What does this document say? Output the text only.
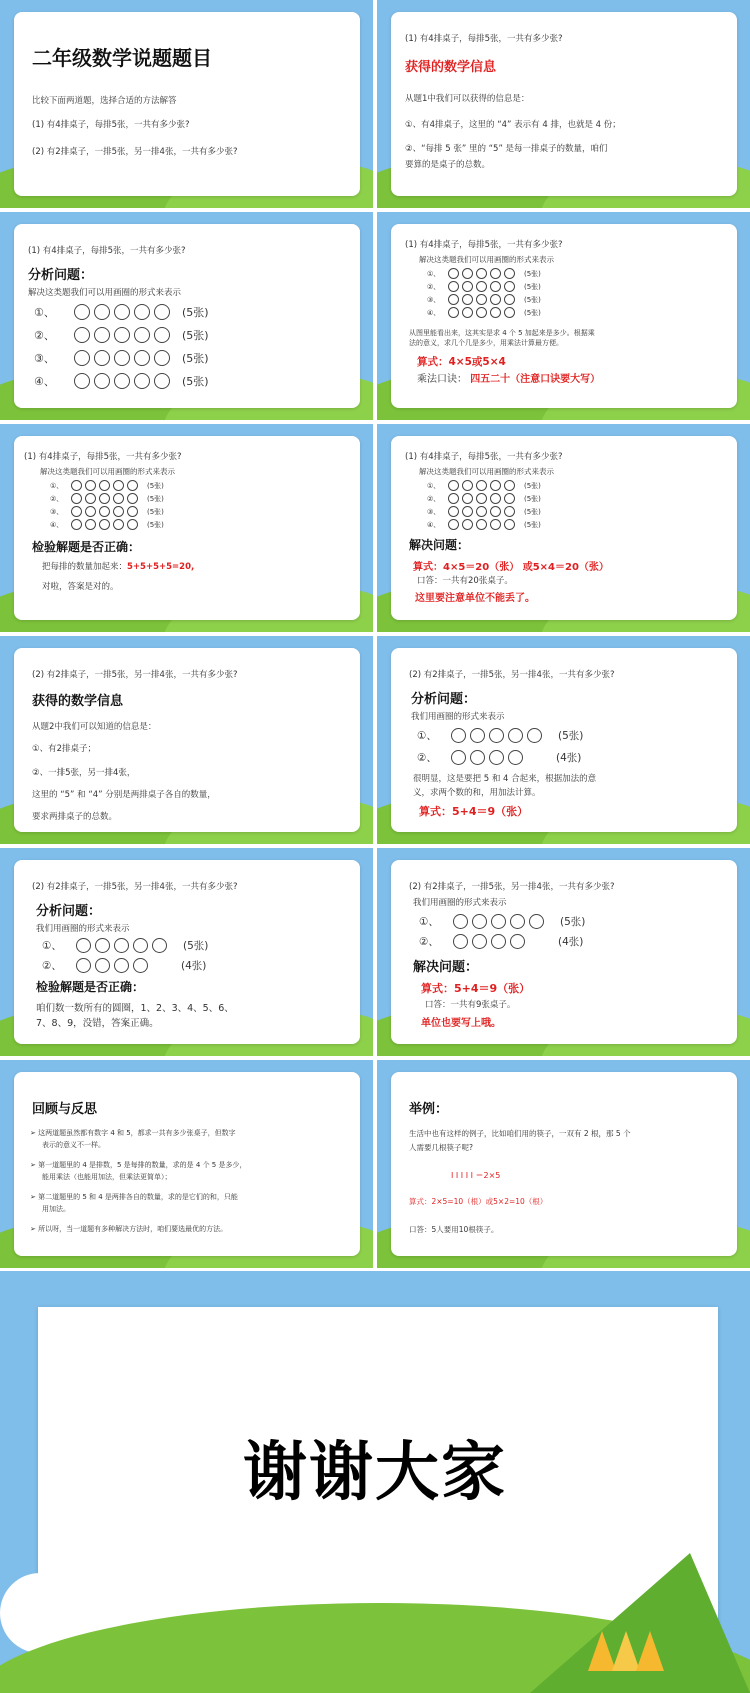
二年级数学说题题目
比较下面两道题，选择合适的方法解答
(1) 有4排桌子，每排5张，一共有多少张?
(2) 有2排桌子，一排5张，另一排4张，一共有多少张?
(1) 有4排桌子，每排5张，一共有多少张?
获得的数学信息
从题1中我们可以获得的信息是：
①、有4排桌子，这里的 “4” 表示有 4 排，也就是 4 份；
②、“每排 5 张” 里的 “5” 是每一排桌子的数量，咱们
要算的是桌子的总数。
(1) 有4排桌子，每排5张，一共有多少张?
分析问题：
解决这类题我们可以用画圈的形式来表示
①、	(5张)
②、	(5张)
③、	(5张)
④、	(5张)
(1) 有4排桌子，每排5张，一共有多少张?
解决这类题我们可以用画圈的形式来表示
①、	(5张)
②、	(5张)
③、	(5张)
④、	(5张)
从图里能看出来，这其实是求 4 个 5 加起来是多少。根据乘
法的意义，求几个几是多少，用乘法计算最方便。
算式：4×5或5×4
乘法口诀： 四五二十（注意口诀要大写）
(1) 有4排桌子，每排5张，一共有多少张?
解决这类题我们可以用画圈的形式来表示
①、	(5张)
②、	(5张)
③、	(5张)
④、	(5张)
检验解题是否正确：
把每排的数量加起来：5+5+5+5=20,
对啦，答案是对的。
(1) 有4排桌子，每排5张，一共有多少张?
解决这类题我们可以用画圈的形式来表示
①、	(5张)
②、	(5张)
③、	(5张)
④、	(5张)
解决问题：
算式：4×5＝20（张） 或5×4＝20（张）
口答：一共有20张桌子。
这里要注意单位不能丢了。
(2) 有2排桌子，一排5张，另一排4张，一共有多少张?
获得的数学信息
从题2中我们可以知道的信息是：
①、有2排桌子；
②、一排5张，另一排4张，
这里的 “5” 和 “4” 分别是两排桌子各自的数量，
要求两排桌子的总数。
(2) 有2排桌子，一排5张，另一排4张，一共有多少张?
分析问题：
我们用画圈的形式来表示
①、	(5张)
②、	(4张)
很明显，这是要把 5 和 4 合起来，根据加法的意
义，求两个数的和，用加法计算。
算式：5+4＝9（张）
(2) 有2排桌子，一排5张，另一排4张，一共有多少张?
分析问题：
我们用画圈的形式来表示
①、	(5张)
②、	(4张)
检验解题是否正确：
咱们数一数所有的圆圈，1、2、3、4、5、6、
7、8、9，没错，答案正确。
(2) 有2排桌子，一排5张，另一排4张，一共有多少张?
我们用画圈的形式来表示
①、	(5张)
②、	(4张)
解决问题：
算式：5+4＝9（张）
口答：一共有9张桌子。
单位也要写上哦。
回顾与反思
➢ 这两道题虽然都有数字 4 和 5，都求一共有多少张桌子，但数字
表示的意义不一样。
➢ 第一道题里的 4 是排数，5 是每排的数量，求的是 4 个 5 是多少，
能用乘法（也能用加法，但乘法更简单）；
➢ 第二道题里的 5 和 4 是两排各自的数量，求的是它们的和，只能
用加法。
➢ 所以呀，当一道题有多种解决方法时，咱们要选最优的方法。
举例：
生活中也有这样的例子，比如咱们用的筷子，一双有 2 根，那 5 个
人需要几根筷子呢?
Ⅰ Ⅰ Ⅰ Ⅰ Ⅰ ＝2×5
算式：2×5=10（根）或5×2=10（根）
口答：5人要用10根筷子。
谢谢大家
